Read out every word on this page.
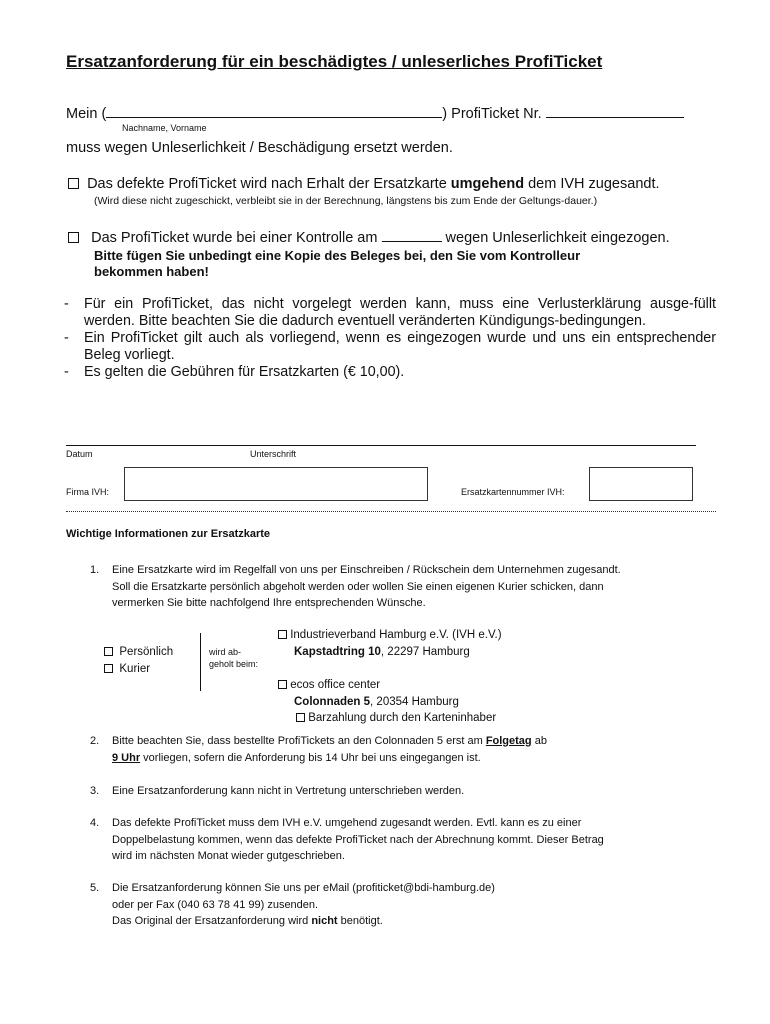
Ersatzanforderung für ein beschädigtes / unleserliches ProfiTicket
Mein (	) ProfiTicket Nr.
Nachname, Vorname
muss wegen Unleserlichkeit / Beschädigung ersetzt werden.
Das defekte ProfiTicket wird nach Erhalt der Ersatzkarte umgehend dem IVH zugesandt.
(Wird diese nicht zugeschickt, verbleibt sie in der Berechnung, längstens bis zum Ende der Geltungs-dauer.)
Das ProfiTicket wurde bei einer Kontrolle am	wegen Unleserlichkeit eingezogen.
Bitte fügen Sie unbedingt eine Kopie des Beleges bei, den Sie vom Kontrolleur
bekommen haben!
- Für ein ProfiTicket, das nicht vorgelegt werden kann, muss eine Verlusterklärung ausge-füllt werden. Bitte beachten Sie die dadurch eventuell veränderten Kündigungs-bedingungen.
- Ein ProfiTicket gilt auch als vorliegend, wenn es eingezogen wurde und uns ein entsprechender Beleg vorliegt.
- Es gelten die Gebühren für Ersatzkarten (€ 10,00).
Datum	Unterschrift
Firma IVH:	Ersatzkartennummer IVH:
Wichtige Informationen zur Ersatzkarte
1. Eine Ersatzkarte wird im Regelfall von uns per Einschreiben / Rückschein dem Unternehmen zugesandt.
Soll die Ersatzkarte persönlich abgeholt werden oder wollen Sie einen eigenen Kurier schicken, dann
vermerken Sie bitte nachfolgend Ihre entsprechenden Wünsche.
Persönlich
Kurier
wird ab-
geholt beim:
Industrieverband Hamburg e.V. (IVH e.V.)
Kapstadtring 10, 22297 Hamburg
ecos office center
Colonnaden 5, 20354 Hamburg
Barzahlung durch den Karteninhaber
2. Bitte beachten Sie, dass bestellte ProfiTickets an den Colonnaden 5 erst am Folgetag ab
9 Uhr vorliegen, sofern die Anforderung bis 14 Uhr bei uns eingegangen ist.
3. Eine Ersatzanforderung kann nicht in Vertretung unterschrieben werden.
4. Das defekte ProfiTicket muss dem IVH e.V. umgehend zugesandt werden. Evtl. kann es zu einer
Doppelbelastung kommen, wenn das defekte ProfiTicket nach der Abrechnung kommt. Dieser Betrag
wird im nächsten Monat wieder gutgeschrieben.
5. Die Ersatzanforderung können Sie uns per eMail (profiticket@bdi-hamburg.de)
oder per Fax (040 63 78 41 99) zusenden.
Das Original der Ersatzanforderung wird nicht benötigt.
